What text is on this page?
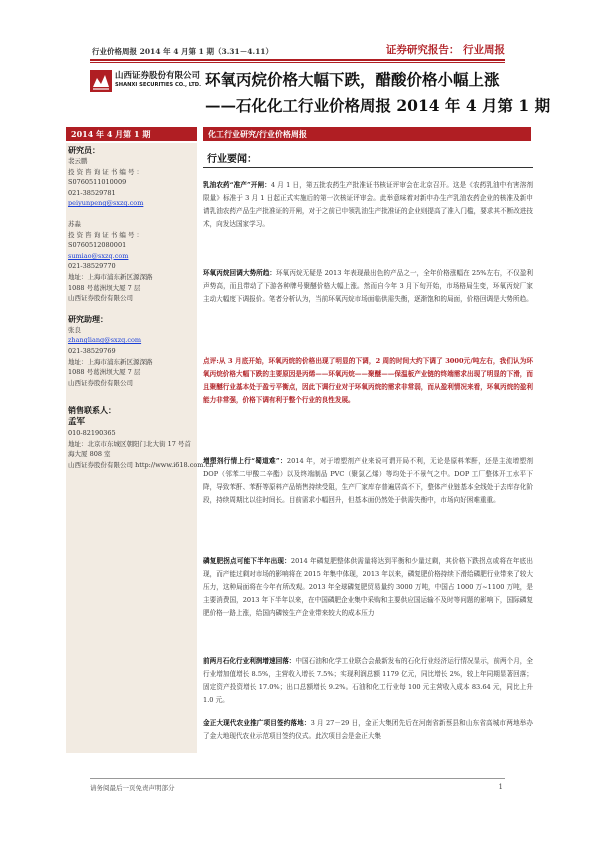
行业价格周报 2014 年 4 月第 1 期（3.31－4.11）	证券研究报告： 行业周报
山西证券股份有限公司
SHANXI SECURITIES CO., LTD. 环氧丙烷价格大幅下跌，醋酸价格小幅上涨
——石化化工行业价格周报 2014 年 4 月第 1 期
2014 年 4 月第 1 期	化工行业研究/行业价格周报
研究员：
裴云鹏
投 资 咨 询 证 书 编 号 ：
S0760511010009
021-38529781
peiyunpeng@sxzq.com
苏淼
投 资 咨 询 证 书 编 号 ：
S0760512080001
sumiao@sxzq.com
021-38529770
地址：上海市浦东新区源深路
1088 号葛洲坝大厦 7 层
山西证券股份有限公司
研究助理：
张良
zhangliang@sxzq.com
021-38529769
地址：上海市浦东新区源深路
1088 号葛洲坝大厦 7 层
山西证券股份有限公司
销售联系人：
孟军
010-82190365
地址：北京市东城区朝阳门北大街 17 号首
海大厦 808 室
山西证券股份有限公司 http://www.i618.com.cn
行业要闻：
乳油农药“准产”开闸：4 月 1 日，第五批农药生产批准证书核证评审会在北京召开。这是《农药乳油中有害溶剂限量》标准于 3 月 1 日起正式实施后的第一次核证评审会。此举意味着对新申办生产乳油农药企业的核准及新申请乳油农药产品生产批准证的开闸，对于之前已申领乳油生产批准证的企业则提高了准入门槛，要求其不断改进技术，向发达国家学习。
环氧丙烷回调大势所趋：环氧丙烷无疑是 2013 年表现最出色的产品之一，全年价格涨幅在 25%左右，不仅盈利声势高，而且带动了下游各种牌号聚醚价格大幅上涨。然而自今年 3 月下旬开始，市场格局生变，环氧丙烷厂家主动大幅度下调报价。笔者分析认为，当前环氧丙烷市场面临供需失衡，逐渐饱和的局面，价格回调是大势所趋。
点评:从 3 月底开始，环氧丙烷的价格出现了明显的下调，2 周的时间大约下调了 3000元/吨左右，我们认为环氧丙烷价格大幅下跌的主要原因是丙烯——环氧丙烷——聚醚——保温板产业链的终端需求出现了明显的下滑，而且聚醚行业基本处于盈亏平衡点，因此下调行业对于环氧丙烷的需求非常弱，而从盈利情况来看，环氧丙烷的盈利能力非常强，价格下调有利于整个行业的良性发展。
增塑剂行情上行“蜀道难”：2014 年，对于增塑剂产业来说可谓开局不利，无论是原料苯酐，还是主流增塑剂 DOP（邻苯二甲酸二辛酯）以及终端制品 PVC（聚氯乙烯）等均处于不景气之中。DOP 工厂整体开工水平下降，导致苯酐、苯酐等原料产品销售持续受阻，生产厂家库存普遍居高不下，整体产业链基本全线处于去库存化阶段，持续周期比以往时间长。目前需求小幅回升，但基本面仍然处于供需失衡中，市场向好困难重重。
磷复肥拐点可能下半年出现：2014 年磷复肥整体供需量将达到平衡和少量过剩，其价格下跌拐点或将在年底出现，而产能过剩对市场的影响将在 2015 年集中体现，2013 年以来，磷复肥价格持续下滑给磷肥行业带来了较大压力，这种局面将在今年有所改观。2013 年全球磷复肥贸易量约 3000 万吨，中国占 1000 万~1100 万吨，是主要消费国，2013 年下半年以来，在中国磷肥企业集中采购和主要供应国运输不及时等问题的影响下，国际磷复肥价格一路上涨，给国内磷铵生产企业带来较大的成本压力
前两月石化行业利润增速回落：中国石油和化学工业联合会最新发布的石化行业经济运行情况显示，前两个月，全行业增加值增长 8.5%，主营收入增长 7.5%；实现利润总额 1179 亿元，同比增长 2%，较上年同期显著回落；固定资产投资增长 17.0%；出口总额增长 9.2%。石油和化工行业每 100 元主营收入成本 83.64 元，同比上升 1.0 元。
金正大现代农业推广项目签约落地：3 月 27－29 日，金正大集团先后在河南省新蔡县和山东省高城市两地举办了金大地现代农业示范项目签约仪式。此次项目会是金正大集
请务阅最后一页免责声明部分	1
